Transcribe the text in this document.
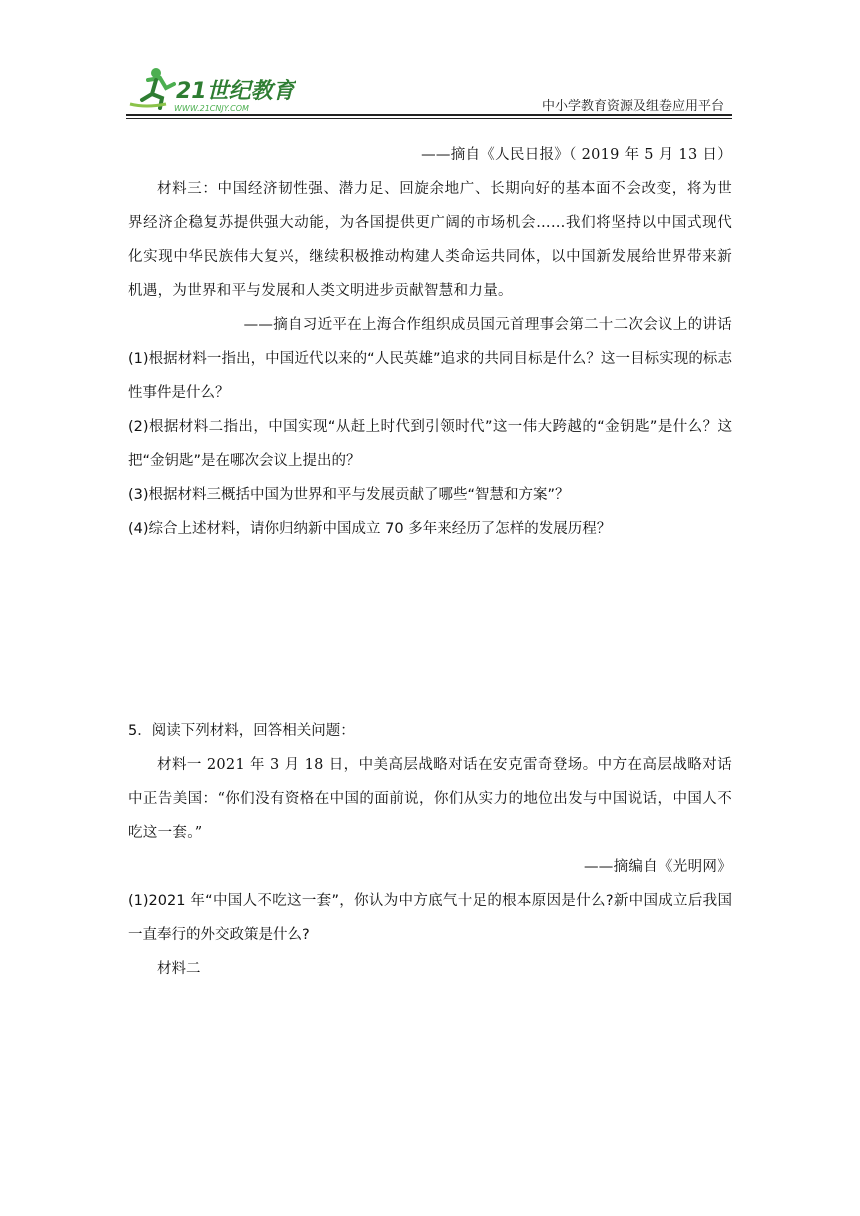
21世纪教育
WWW.21CNJY.COM	中小学教育资源及组卷应用平台

——摘自《人民日报》（ 2019 年 5 月 13 日）

材料三：中国经济韧性强、潜力足、回旋余地广、长期向好的基本面不会改变，将为世界经济企稳复苏提供强大动能，为各国提供更广阔的市场机会……我们将坚持以中国式现代化实现中华民族伟大复兴，继续积极推动构建人类命运共同体，以中国新发展给世界带来新机遇，为世界和平与发展和人类文明进步贡献智慧和力量。

——摘自习近平在上海合作组织成员国元首理事会第二十二次会议上的讲话

(1)根据材料一指出，中国近代以来的“人民英雄”追求的共同目标是什么？这一目标实现的标志性事件是什么？

(2)根据材料二指出，中国实现“从赶上时代到引领时代”这一伟大跨越的“金钥匙”是什么？这把“金钥匙”是在哪次会议上提出的？

(3)根据材料三概括中国为世界和平与发展贡献了哪些“智慧和方案”？

(4)综合上述材料，请你归纳新中国成立 70 多年来经历了怎样的发展历程？

5．阅读下列材料，回答相关问题：

材料一 2021 年 3 月 18 日，中美高层战略对话在安克雷奇登场。中方在高层战略对话中正告美国：“你们没有资格在中国的面前说，你们从实力的地位出发与中国说话，中国人不吃这一套。”

——摘编自《光明网》

(1)2021 年“中国人不吃这一套”，你认为中方底气十足的根本原因是什么?新中国成立后我国一直奉行的外交政策是什么?

材料二
